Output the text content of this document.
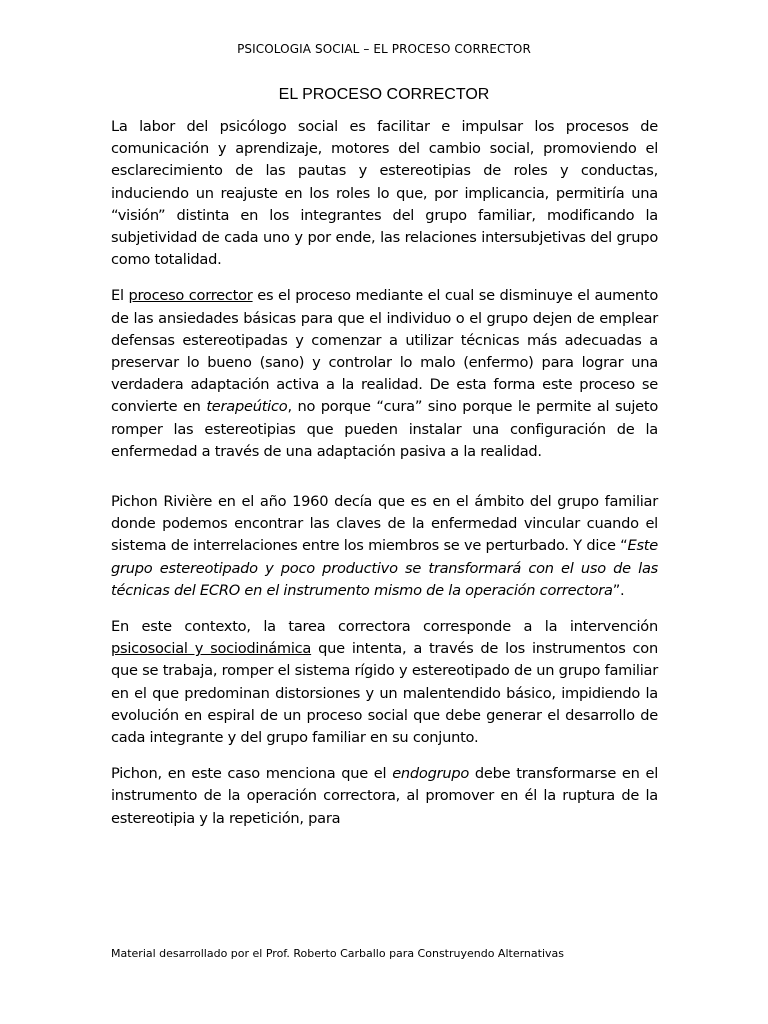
PSICOLOGIA SOCIAL – EL PROCESO CORRECTOR
EL PROCESO CORRECTOR

La labor del psicólogo social es facilitar e impulsar los procesos de comunicación y aprendizaje, motores del cambio social, promoviendo el esclarecimiento de las pautas y estereotipias de roles y conductas, induciendo un reajuste en los roles lo que, por implicancia, permitiría una “visión” distinta en los integrantes del grupo familiar, modificando la subjetividad de cada uno y por ende, las relaciones intersubjetivas del grupo como totalidad.

El proceso corrector es el proceso mediante el cual se disminuye el aumento de las ansiedades básicas para que el individuo o el grupo dejen de emplear defensas estereotipadas y comenzar a utilizar técnicas más adecuadas a preservar lo bueno (sano) y controlar lo malo (enfermo) para lograr una verdadera adaptación activa a la realidad. De esta forma este proceso se convierte en terapeútico, no porque “cura” sino porque le permite al sujeto romper las estereotipias que pueden instalar una configuración de la enfermedad a través de una adaptación pasiva a la realidad.

Pichon Rivière en el año 1960 decía que es en el ámbito del grupo familiar donde podemos encontrar las claves de la enfermedad vincular cuando el sistema de interrelaciones entre los miembros se ve perturbado. Y dice “Este grupo estereotipado y poco productivo se transformará con el uso de las técnicas del ECRO en el instrumento mismo de la operación correctora”.

En este contexto, la tarea correctora corresponde a la intervención psicosocial y sociodinámica que intenta, a través de los instrumentos con que se trabaja, romper el sistema rígido y estereotipado de un grupo familiar en el que predominan distorsiones y un malentendido básico, impidiendo la evolución en espiral de un proceso social que debe generar el desarrollo de cada integrante y del grupo familiar en su conjunto.

Pichon, en este caso menciona que el endogrupo debe transformarse en el instrumento de la operación correctora, al promover en él la ruptura de la estereotipia y la repetición, para

Material desarrollado por el Prof. Roberto Carballo para Construyendo Alternativas
